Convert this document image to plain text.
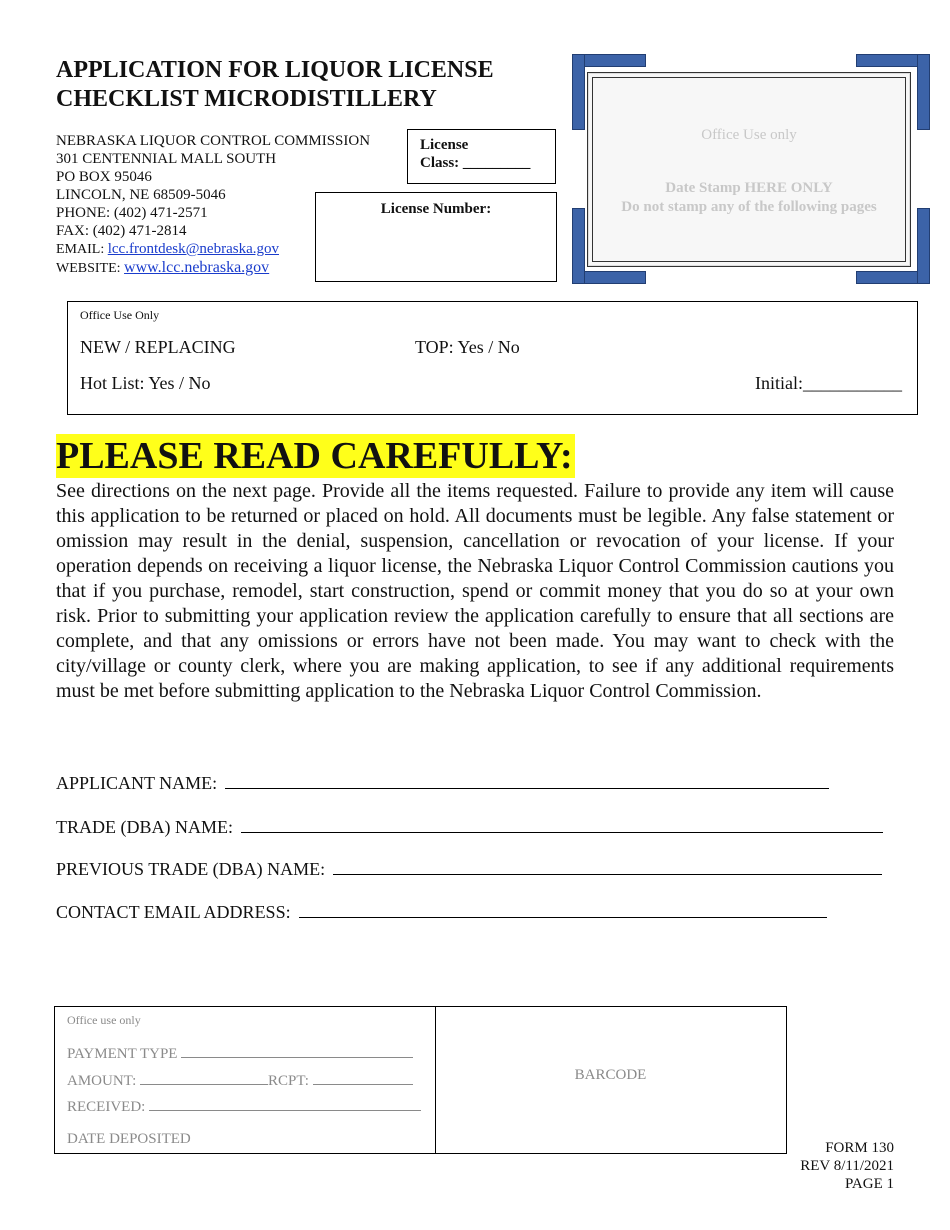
APPLICATION FOR LIQUOR LICENSE
CHECKLIST MICRODISTILLERY
NEBRASKA LIQUOR CONTROL COMMISSION
301 CENTENNIAL MALL SOUTH
PO BOX 95046
LINCOLN, NE 68509-5046
PHONE: (402) 471-2571
FAX: (402) 471-2814
EMAIL: lcc.frontdesk@nebraska.gov
WEBSITE: www.lcc.nebraska.gov
License
Class: _________
License Number:
Office Use only
Date Stamp HERE ONLY
Do not stamp any of the following pages
Office Use Only
NEW / REPLACING	TOP: Yes / No
Hot List: Yes / No	Initial:___________
PLEASE READ CAREFULLY:
See directions on the next page. Provide all the items requested. Failure to provide any item will cause this application to be returned or placed on hold. All documents must be legible. Any false statement or omission may result in the denial, suspension, cancellation or revocation of your license. If your operation depends on receiving a liquor license, the Nebraska Liquor Control Commission cautions you that if you purchase, remodel, start construction, spend or commit money that you do so at your own risk. Prior to submitting your application review the application carefully to ensure that all sections are complete, and that any omissions or errors have not been made. You may want to check with the city/village or county clerk, where you are making application, to see if any additional requirements must be met before submitting application to the Nebraska Liquor Control Commission.
APPLICANT NAME:
TRADE (DBA) NAME:
PREVIOUS TRADE (DBA) NAME:
CONTACT EMAIL ADDRESS:
Office use only
PAYMENT TYPE
AMOUNT:	RCPT:
RECEIVED:
DATE DEPOSITED
BARCODE
FORM 130
REV 8/11/2021
PAGE 1
